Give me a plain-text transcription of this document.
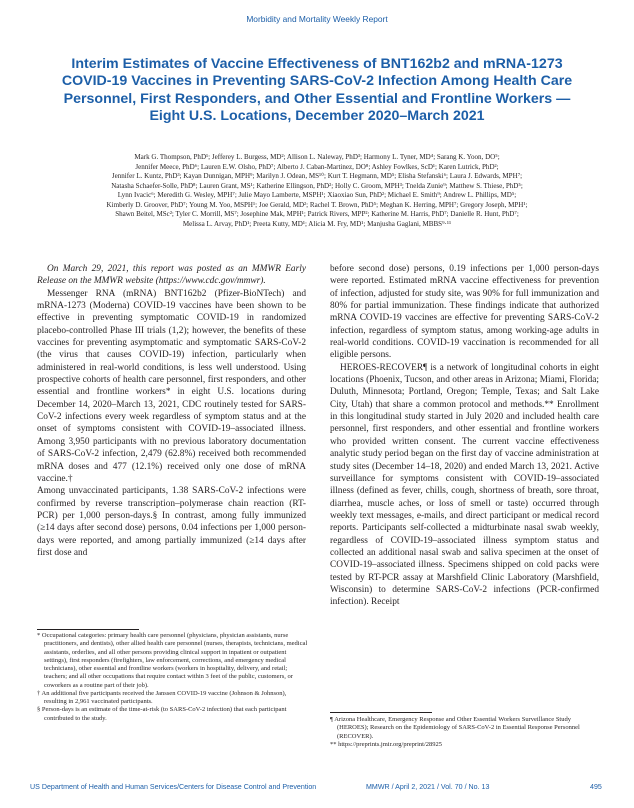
Morbidity and Mortality Weekly Report
Interim Estimates of Vaccine Effectiveness of BNT162b2 and mRNA-1273
COVID-19 Vaccines in Preventing SARS-CoV-2 Infection Among Health Care
Personnel, First Responders, and Other Essential and Frontline Workers —
Eight U.S. Locations, December 2020–March 2021
Mark G. Thompson, PhD¹; Jefferey L. Burgess, MD²; Allison L. Naleway, PhD³; Harmony L. Tyner, MD⁴; Sarang K. Yoon, DO⁵;
Jennifer Meece, PhD⁶; Lauren E.W. Olsho, PhD⁷; Alberto J. Caban-Martinez, DO⁸; Ashley Fowlkes, ScD¹; Karen Lutrick, PhD²;
Jennifer L. Kuntz, PhD³; Kayan Dunnigan, MPH⁹; Marilyn J. Odean, MS¹⁰; Kurt T. Hegmann, MD⁵; Elisha Stefanski⁶; Laura J. Edwards, MPH⁷;
Natasha Schaefer-Solle, PhD⁸; Lauren Grant, MS¹; Katherine Ellingson, PhD²; Holly C. Groom, MPH³; Tnelda Zunie⁹; Matthew S. Thiese, PhD⁵;
Lynn Ivacic⁶; Meredith G. Wesley, MPH⁷; Julie Mayo Lamberte, MSPH¹; Xiaoxiao Sun, PhD²; Michael E. Smith⁹; Andrew L. Phillips, MD⁵;
Kimberly D. Groover, PhD⁷; Young M. Yoo, MSPH¹; Joe Gerald, MD²; Rachel T. Brown, PhD⁵; Meghan K. Herring, MPH⁷; Gregory Joseph, MPH¹;
Shawn Beitel, MSc²; Tyler C. Morrill, MS⁷; Josephine Mak, MPH¹; Patrick Rivers, MPP²; Katherine M. Harris, PhD⁷; Danielle R. Hunt, PhD⁷;
Melissa L. Arvay, PhD¹; Preeta Kutty, MD¹; Alicia M. Fry, MD¹; Manjusha Gaglani, MBBS⁹·¹¹

On March 29, 2021, this report was posted as an MMWR Early Release on the MMWR website (https://www.cdc.gov/mmwr).

Messenger RNA (mRNA) BNT162b2 (Pfizer-BioNTech) and mRNA-1273 (Moderna) COVID-19 vaccines have been shown to be effective in preventing symptomatic COVID-19 in randomized placebo-controlled Phase III trials (1,2); however, the benefits of these vaccines for preventing asymptomatic and symptomatic SARS-CoV-2 (the virus that causes COVID-19) infection, particularly when administered in real-world conditions, is less well understood. Using prospective cohorts of health care personnel, first responders, and other essential and frontline workers* in eight U.S. locations during December 14, 2020–March 13, 2021, CDC routinely tested for SARS-CoV-2 infections every week regardless of symptom status and at the onset of symptoms consistent with COVID-19–associated illness. Among 3,950 participants with no previous laboratory documentation of SARS-CoV-2 infection, 2,479 (62.8%) received both recommended mRNA doses and 477 (12.1%) received only one dose of mRNA vaccine.†

Among unvaccinated participants, 1.38 SARS-CoV-2 infections were confirmed by reverse transcription–polymerase chain reaction (RT-PCR) per 1,000 person-days.§ In contrast, among fully immunized (≥14 days after second dose) persons, 0.04 infections per 1,000 person-days were reported, and among partially immunized (≥14 days after first dose and

* Occupational categories: primary health care personnel (physicians, physician assistants, nurse practitioners, and dentists), other allied health care personnel (nurses, therapists, technicians, medical assistants, orderlies, and all other persons providing clinical support in inpatient or outpatient settings), first responders (firefighters, law enforcement, corrections, and emergency medical technicians), other essential and frontline workers (workers in hospitality, delivery, and retail; teachers; and all other occupations that require contact within 3 feet of the public, customers, or coworkers as a routine part of their job).
† An additional five participants received the Janssen COVID-19 vaccine (Johnson & Johnson), resulting in 2,961 vaccinated participants.
§ Person-days is an estimate of the time-at-risk (to SARS-CoV-2 infection) that each participant contributed to the study.

before second dose) persons, 0.19 infections per 1,000 person-days were reported. Estimated mRNA vaccine effectiveness for prevention of infection, adjusted for study site, was 90% for full immunization and 80% for partial immunization. These findings indicate that authorized mRNA COVID-19 vaccines are effective for preventing SARS-CoV-2 infection, regardless of symptom status, among working-age adults in real-world conditions. COVID-19 vaccination is recommended for all eligible persons.

HEROES-RECOVER¶ is a network of longitudinal cohorts in eight locations (Phoenix, Tucson, and other areas in Arizona; Miami, Florida; Duluth, Minnesota; Portland, Oregon; Temple, Texas; and Salt Lake City, Utah) that share a common protocol and methods.** Enrollment in this longitudinal study started in July 2020 and included health care personnel, first responders, and other essential and frontline workers who provided written consent. The current vaccine effectiveness analytic study period began on the first day of vaccine administration at study sites (December 14–18, 2020) and ended March 13, 2021. Active surveillance for symptoms consistent with COVID-19–associated illness (defined as fever, chills, cough, shortness of breath, sore throat, diarrhea, muscle aches, or loss of smell or taste) occurred through weekly text messages, e-mails, and direct participant or medical record reports. Participants self-collected a midturbinate nasal swab weekly, regardless of COVID-19–associated illness symptom status and collected an additional nasal swab and saliva specimen at the onset of COVID-19–associated illness. Specimens shipped on cold packs were tested by RT-PCR assay at Marshfield Clinic Laboratory (Marshfield, Wisconsin) to determine SARS-CoV-2 infections (PCR-confirmed infection). Receipt

¶ Arizona Healthcare, Emergency Response and Other Essential Workers Surveillance Study (HEROES); Research on the Epidemiology of SARS-CoV-2 in Essential Response Personnel (RECOVER).
** https://preprints.jmir.org/preprint/28925
US Department of Health and Human Services/Centers for Disease Control and Prevention	MMWR / April 2, 2021 / Vol. 70 / No. 13	495
